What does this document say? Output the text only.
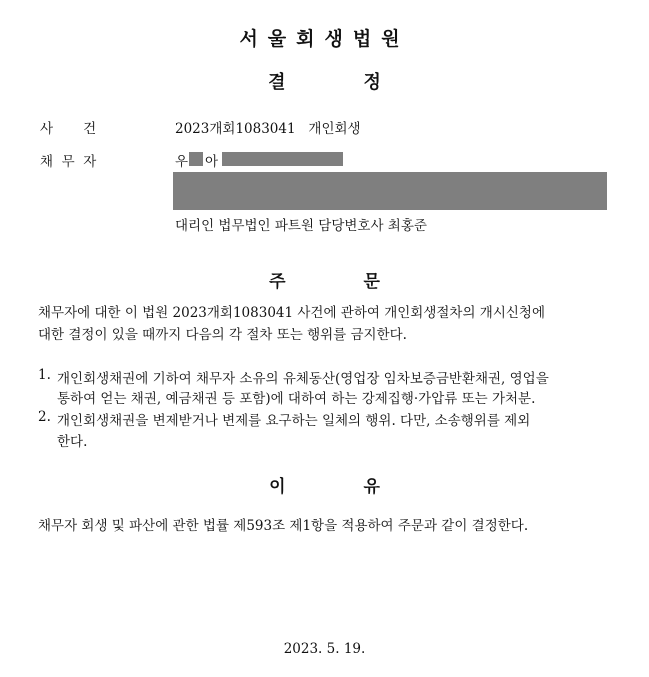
서울회생법원
결	정
사       건	2023개회1083041   개인회생
채  무  자	우 아
대리인 법무법인 파트원 담당변호사 최홍준
주	문
채무자에 대한 이 법원 2023개회1083041 사건에 관하여 개인회생절차의 개시신청에
대한 결정이 있을 때까지 다음의 각 절차 또는 행위를 금지한다.
1. 개인회생채권에 기하여 채무자 소유의 유체동산(영업장 임차보증금반환채권, 영업을
통하여 얻는 채권, 예금채권 등 포함)에 대하여 하는 강제집행·가압류 또는 가처분.
2. 개인회생채권을 변제받거나 변제를 요구하는 일체의 행위. 다만, 소송행위를 제외
한다.
이	유
채무자 회생 및 파산에 관한 법률 제593조 제1항을 적용하여 주문과 같이 결정한다.
2023. 5. 19.
